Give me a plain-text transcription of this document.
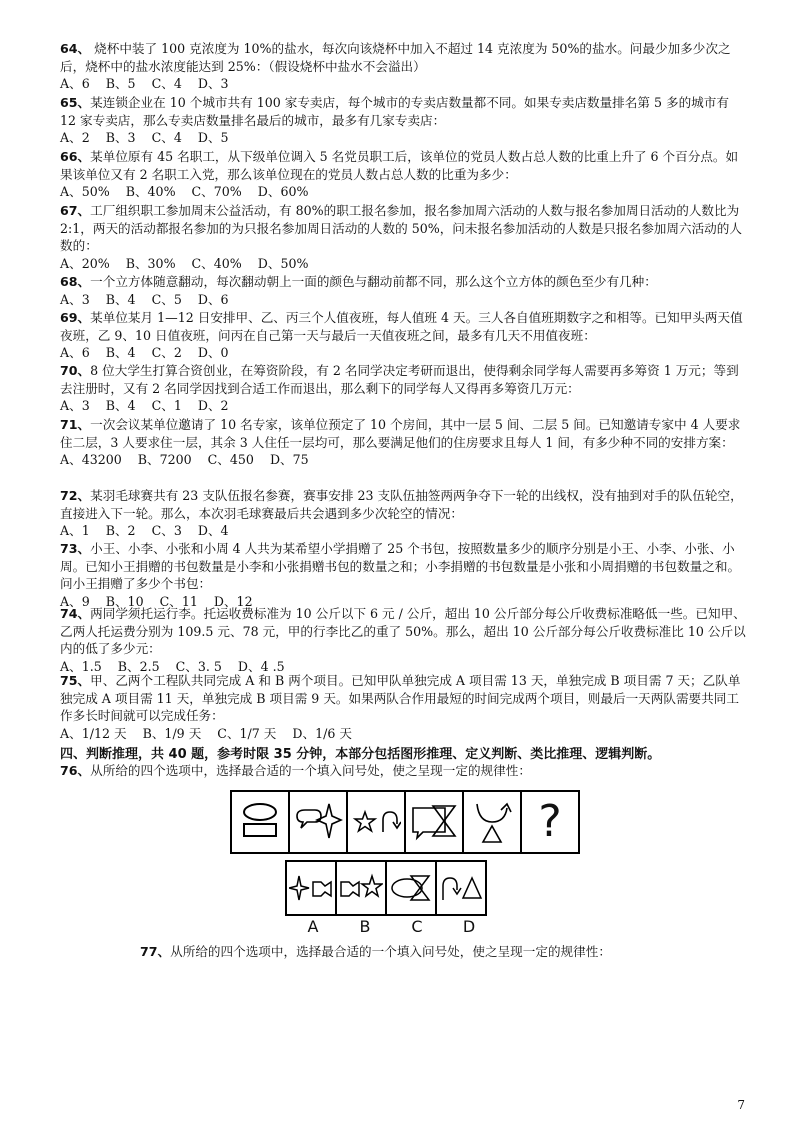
64、 烧杯中装了 100 克浓度为 10%的盐水，每次向该烧杯中加入不超过 14 克浓度为 50%的盐水。问最少加多少次之后，烧杯中的盐水浓度能达到 25%：（假设烧杯中盐水不会溢出）

A、6    B、5    C、4    D、3

65、某连锁企业在 10 个城市共有 100 家专卖店，每个城市的专卖店数量都不同。如果专卖店数量排名第 5 多的城市有 12 家专卖店，那么专卖店数量排名最后的城市，最多有几家专卖店：

A、2    B、3    C、4    D、5

66、某单位原有 45 名职工，从下级单位调入 5 名党员职工后，该单位的党员人数占总人数的比重上升了 6 个百分点。如果该单位又有 2 名职工入党，那么该单位现在的党员人数占总人数的比重为多少：

A、50%    B、40%    C、70%    D、60%

67、工厂组织职工参加周末公益活动，有 80%的职工报名参加，报名参加周六活动的人数与报名参加周日活动的人数比为 2:1，两天的活动都报名参加的为只报名参加周日活动的人数的 50%，问未报名参加活动的人数是只报名参加周六活动的人数的：

A、20%    B、30%    C、40%    D、50%

68、一个立方体随意翻动，每次翻动朝上一面的颜色与翻动前都不同，那么这个立方体的颜色至少有几种：

A、3    B、4    C、5    D、6

69、某单位某月 1—12 日安排甲、乙、丙三个人值夜班，每人值班 4 天。三人各自值班期数字之和相等。已知甲头两天值夜班，乙 9、10 日值夜班，问丙在自己第一天与最后一天值夜班之间，最多有几天不用值夜班：

A、6    B、4    C、2    D、0

70、8 位大学生打算合资创业，在筹资阶段，有 2 名同学决定考研而退出，使得剩余同学每人需要再多筹资 1 万元；等到去注册时，又有 2 名同学因找到合适工作而退出，那么剩下的同学每人又得再多筹资几万元：

A、3    B、4    C、1    D、2

71、一次会议某单位邀请了 10 名专家，该单位预定了 10 个房间，其中一层 5 间、二层 5 间。已知邀请专家中 4 人要求住二层，3 人要求住一层，其余 3 人住任一层均可，那么要满足他们的住房要求且每人 1 间，有多少种不同的安排方案：

A、43200    B、7200    C、450    D、75

72、某羽毛球赛共有 23 支队伍报名参赛，赛事安排 23 支队伍抽签两两争夺下一轮的出线权，没有抽到对手的队伍轮空，直接进入下一轮。那么，本次羽毛球赛最后共会遇到多少次轮空的情况：

A、1    B、2    C、3    D、4

73、小王、小李、小张和小周 4 人共为某希望小学捐赠了 25 个书包，按照数量多少的顺序分别是小王、小李、小张、小周。已知小王捐赠的书包数量是小李和小张捐赠书包的数量之和；小李捐赠的书包数量是小张和小周捐赠的书包数量之和。问小王捐赠了多少个书包：

A、9    B、10    C、11    D、12

74、两同学须托运行李。托运收费标准为 10 公斤以下 6 元 / 公斤，超出 10 公斤部分每公斤收费标准略低一些。已知甲、乙两人托运费分别为 109.5 元、78 元，甲的行李比乙的重了 50%。那么，超出 10 公斤部分每公斤收费标准比 10 公斤以内的低了多少元：

A、1.5    B、2.5    C、3. 5    D、4 .5

75、甲、乙两个工程队共同完成 A 和 B 两个项目。已知甲队单独完成 A 项目需 13 天，单独完成 B 项目需 7 天；乙队单独完成 A 项目需 11 天，单独完成 B 项目需 9 天。如果两队合作用最短的时间完成两个项目，则最后一天两队需要共同工作多长时间就可以完成任务：

A、1/12 天    B、1/9 天    C、1/7 天    D、1/6 天

四、判断推理，共 40 题，参考时限 35 分钟，本部分包括图形推理、定义判断、类比推理、逻辑判断。

76、从所给的四个选项中，选择最合适的一个填入问号处，使之呈现一定的规律性：

?
A	B	C	D

77、从所给的四个选项中，选择最合适的一个填入问号处，使之呈现一定的规律性：

7
